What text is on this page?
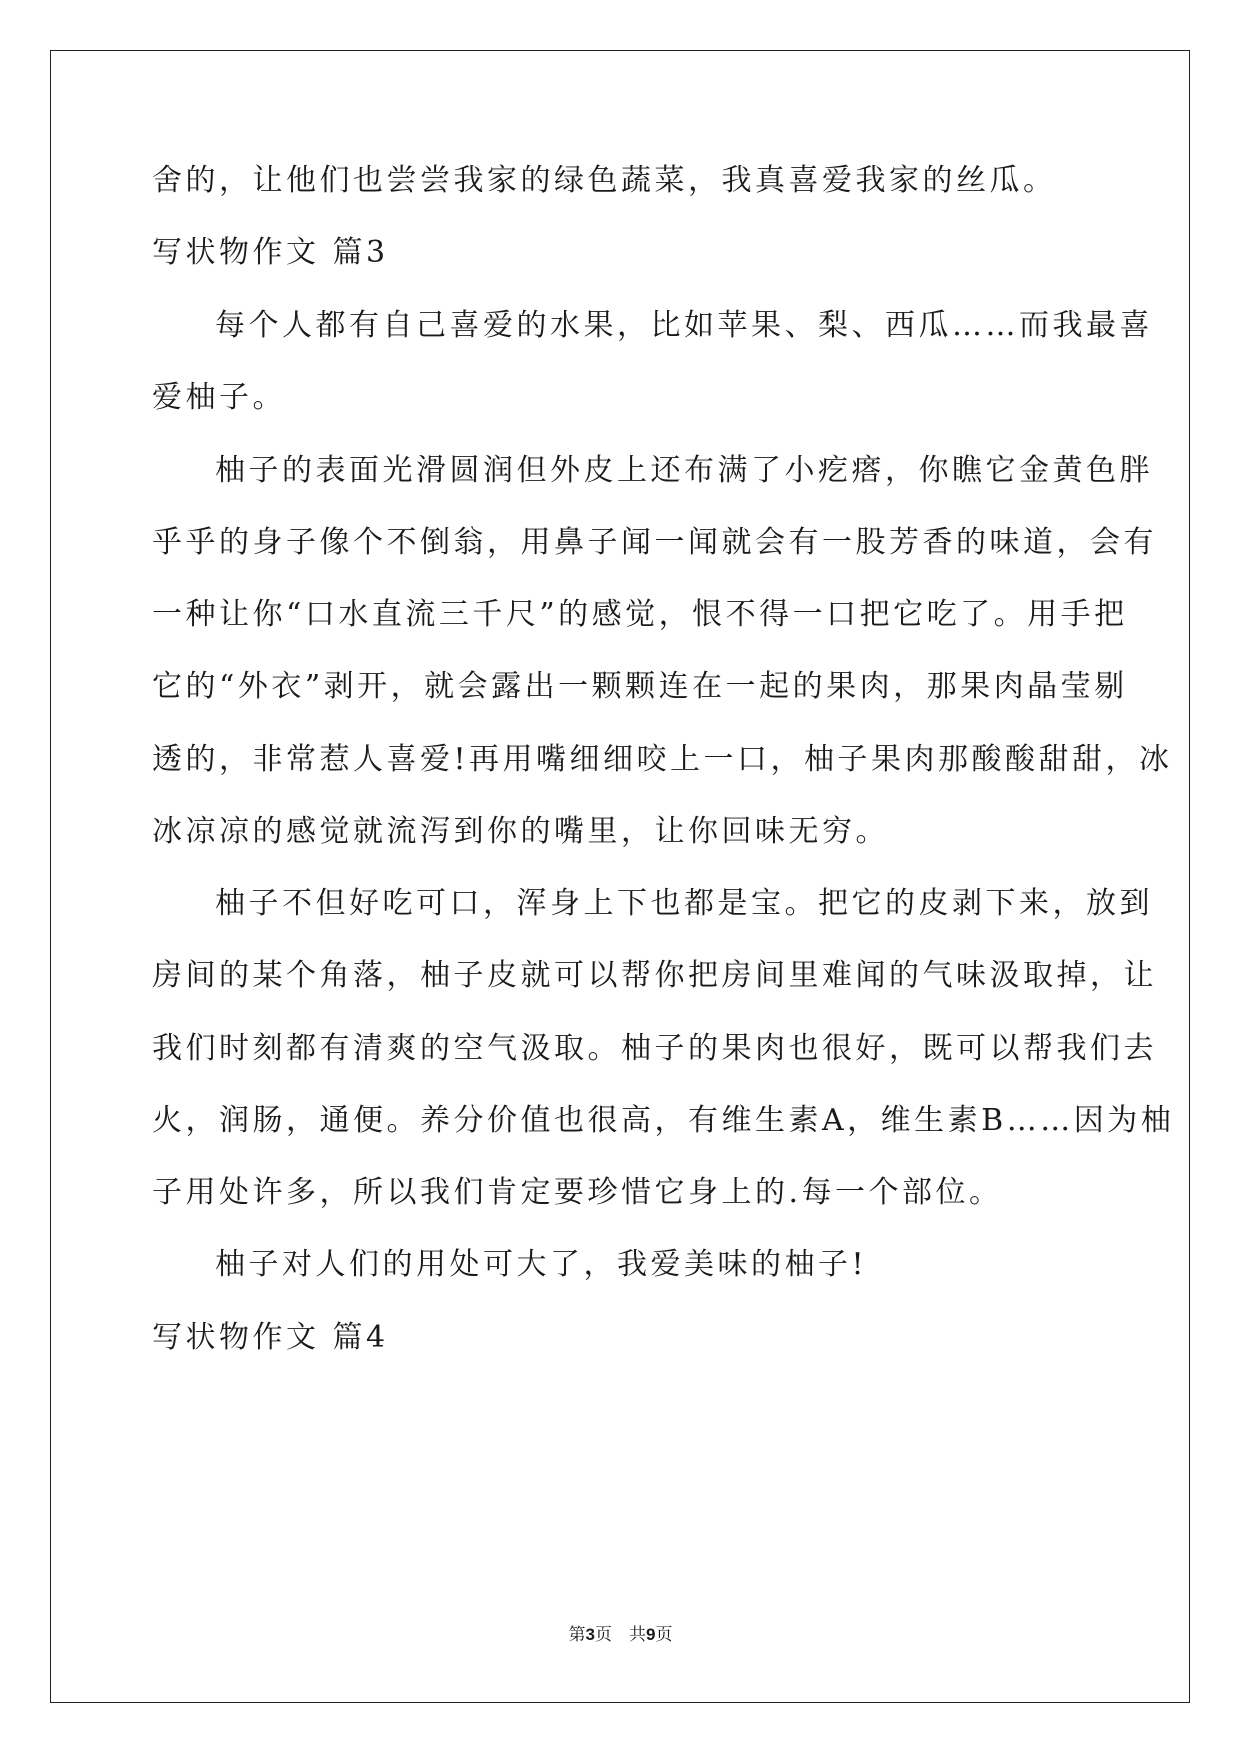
舍的，让他们也尝尝我家的绿色蔬菜，我真喜爱我家的丝瓜。
写状物作文 篇3
每个人都有自己喜爱的水果，比如苹果、梨、西瓜……而我最喜
爱柚子。
柚子的表面光滑圆润但外皮上还布满了小疙瘩，你瞧它金黄色胖
乎乎的身子像个不倒翁，用鼻子闻一闻就会有一股芳香的味道，会有
一种让你“口水直流三千尺”的感觉，恨不得一口把它吃了。用手把
它的“外衣”剥开，就会露出一颗颗连在一起的果肉，那果肉晶莹剔
透的，非常惹人喜爱!再用嘴细细咬上一口，柚子果肉那酸酸甜甜，冰
冰凉凉的感觉就流泻到你的嘴里，让你回味无穷。
柚子不但好吃可口，浑身上下也都是宝。把它的皮剥下来，放到
房间的某个角落，柚子皮就可以帮你把房间里难闻的气味汲取掉，让
我们时刻都有清爽的空气汲取。柚子的果肉也很好，既可以帮我们去
火，润肠，通便。养分价值也很高，有维生素A，维生素B……因为柚
子用处许多，所以我们肯定要珍惜它身上的.每一个部位。
柚子对人们的用处可大了，我爱美味的柚子!
写状物作文 篇4
第3页　共9页
